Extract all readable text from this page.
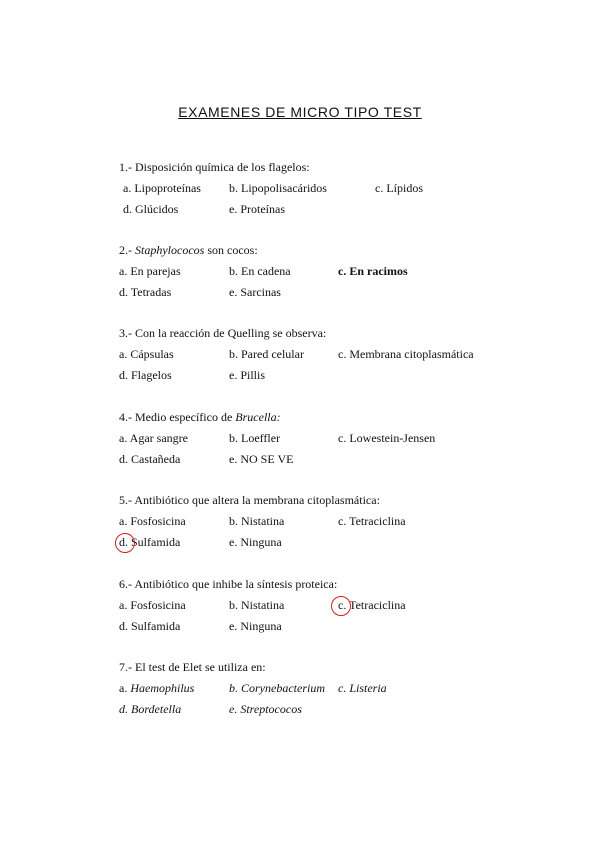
EXAMENES DE MICRO TIPO TEST
1.- Disposición química de los flagelos:
a. Lipoproteínas b. Lipopolisacáridos	c. Lípidos
d. Glúcidos	e. Proteínas
2.- Staphylococos son cocos:
a. En parejas	b. En cadena	c. En racimos
d. Tetradas	e. Sarcinas
3.- Con la reacción de Quelling se observa:
a. Cápsulas	b. Pared celular	c. Membrana citoplasmática
d. Flagelos	e. Pillis
4.- Medio específico de Brucella:
a. Agar sangre	b. Loeffler	c. Lowestein-Jensen
d. Castañeda	e. NO SE VE
5.- Antibiótico que altera la membrana citoplasmática:
a. Fosfosicina	b. Nistatina	c. Tetraciclina
d. Sulfamida	e. Ninguna
6.- Antibiótico que inhibe la síntesis proteica:
a. Fosfosicina	b. Nistatina	c. Tetraciclina
d. Sulfamida	e. Ninguna
7.- El test de Elet se utiliza en:
a. Haemophilus	b. Corynebacterium c. Listeria
d. Bordetella	e. Streptococos
